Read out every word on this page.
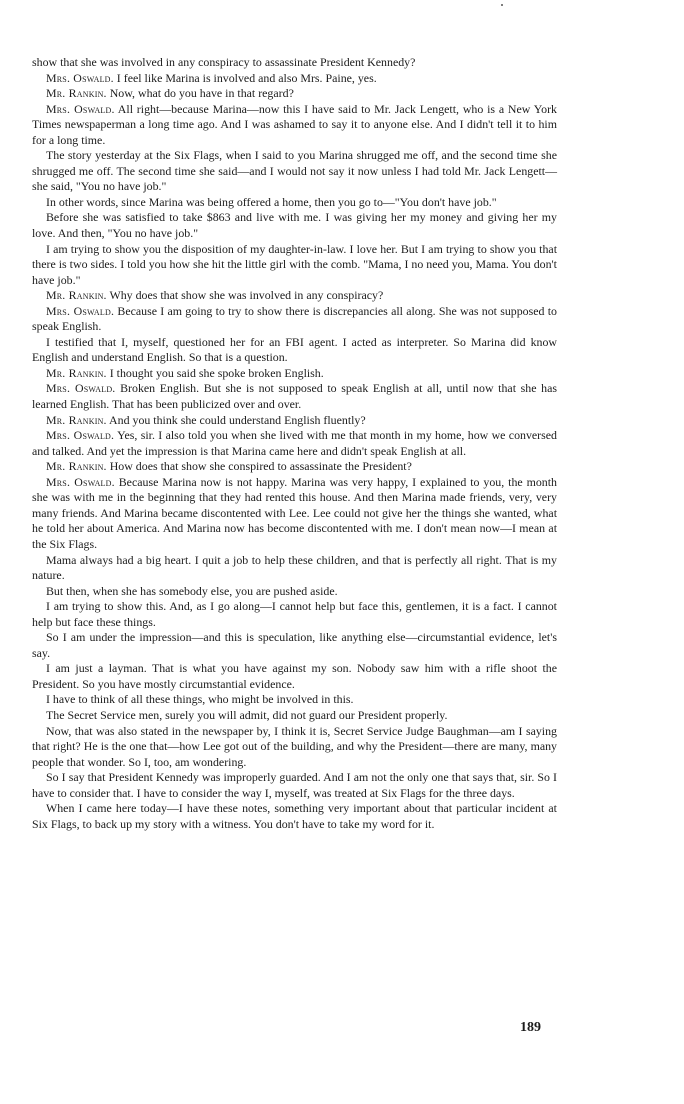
show that she was involved in any conspiracy to assassinate President Kennedy?

Mrs. Oswald. I feel like Marina is involved and also Mrs. Paine, yes.

Mr. Rankin. Now, what do you have in that regard?

Mrs. Oswald. All right—because Marina—now this I have said to Mr. Jack Lengett, who is a New York Times newspaperman a long time ago. And I was ashamed to say it to anyone else. And I didn't tell it to him for a long time.

The story yesterday at the Six Flags, when I said to you Marina shrugged me off, and the second time she shrugged me off. The second time she said—and I would not say it now unless I had told Mr. Jack Lengett—she said, "You no have job."

In other words, since Marina was being offered a home, then you go to—"You don't have job."

Before she was satisfied to take $863 and live with me. I was giving her my money and giving her my love. And then, "You no have job."

I am trying to show you the disposition of my daughter-in-law. I love her. But I am trying to show you that there is two sides. I told you how she hit the little girl with the comb. "Mama, I no need you, Mama. You don't have job."

Mr. Rankin. Why does that show she was involved in any conspiracy?

Mrs. Oswald. Because I am going to try to show there is discrepancies all along. She was not supposed to speak English.

I testified that I, myself, questioned her for an FBI agent. I acted as interpreter. So Marina did know English and understand English. So that is a question.

Mr. Rankin. I thought you said she spoke broken English.

Mrs. Oswald. Broken English. But she is not supposed to speak English at all, until now that she has learned English. That has been publicized over and over.

Mr. Rankin. And you think she could understand English fluently?

Mrs. Oswald. Yes, sir. I also told you when she lived with me that month in my home, how we conversed and talked. And yet the impression is that Marina came here and didn't speak English at all.

Mr. Rankin. How does that show she conspired to assassinate the President?

Mrs. Oswald. Because Marina now is not happy. Marina was very happy, I explained to you, the month she was with me in the beginning that they had rented this house. And then Marina made friends, very, very many friends. And Marina became discontented with Lee. Lee could not give her the things she wanted, what he told her about America. And Marina now has become discontented with me. I don't mean now—I mean at the Six Flags.

Mama always had a big heart. I quit a job to help these children, and that is perfectly all right. That is my nature.

But then, when she has somebody else, you are pushed aside.

I am trying to show this. And, as I go along—I cannot help but face this, gentlemen, it is a fact. I cannot help but face these things.

So I am under the impression—and this is speculation, like anything else—circumstantial evidence, let's say.

I am just a layman. That is what you have against my son. Nobody saw him with a rifle shoot the President. So you have mostly circumstantial evidence.

I have to think of all these things, who might be involved in this.

The Secret Service men, surely you will admit, did not guard our President properly.

Now, that was also stated in the newspaper by, I think it is, Secret Service Judge Baughman—am I saying that right? He is the one that—how Lee got out of the building, and why the President—there are many, many people that wonder. So I, too, am wondering.

So I say that President Kennedy was improperly guarded. And I am not the only one that says that, sir. So I have to consider that. I have to consider the way I, myself, was treated at Six Flags for the three days.

When I came here today—I have these notes, something very important about that particular incident at Six Flags, to back up my story with a witness. You don't have to take my word for it.

189
